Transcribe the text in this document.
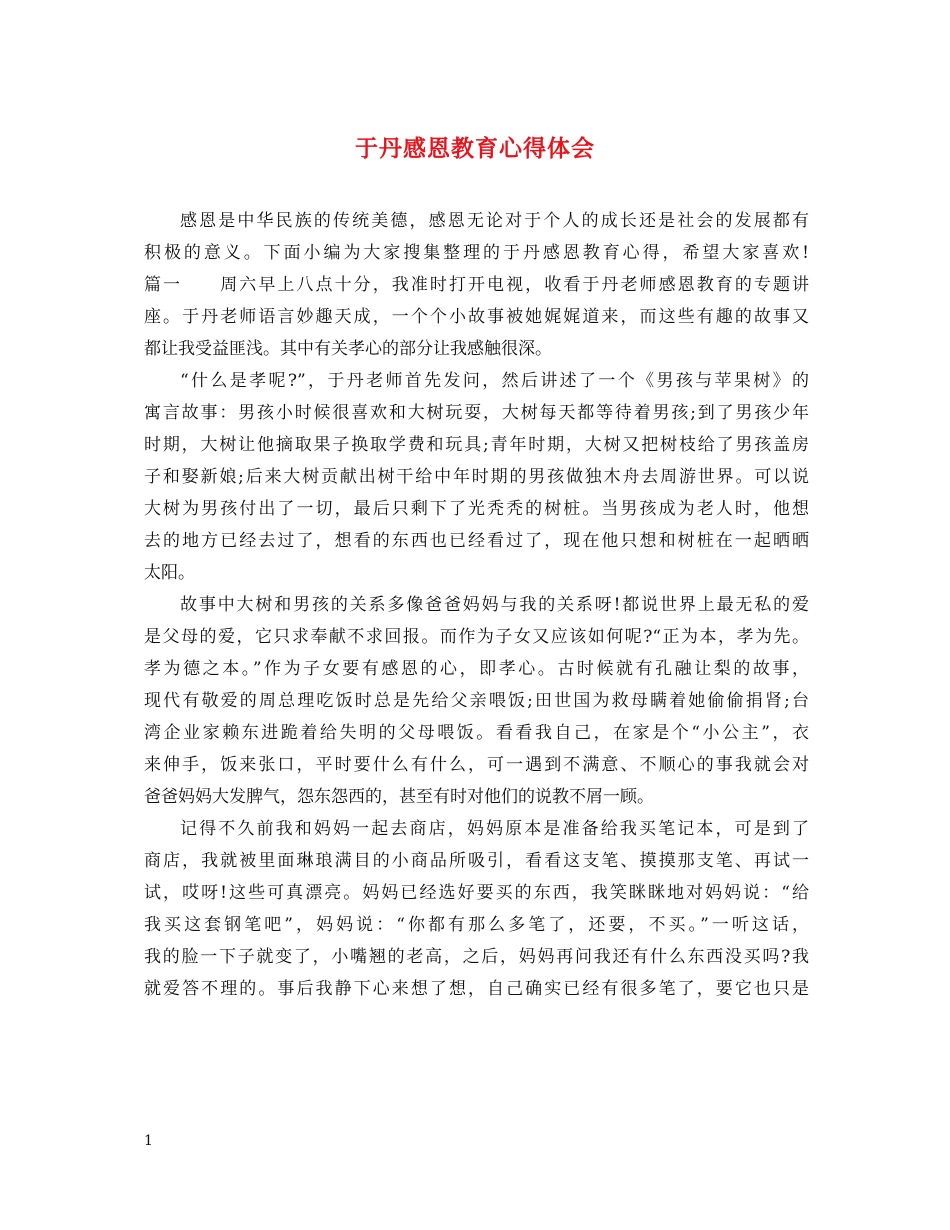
于丹感恩教育心得体会
感恩是中华民族的传统美德，感恩无论对于个人的成长还是社会的发展都有
积极的意义。下面小编为大家搜集整理的于丹感恩教育心得，希望大家喜欢!
篇一　　周六早上八点十分，我准时打开电视，收看于丹老师感恩教育的专题讲
座。于丹老师语言妙趣天成，一个个小故事被她娓娓道来，而这些有趣的故事又
都让我受益匪浅。其中有关孝心的部分让我感触很深。
“什么是孝呢?”，于丹老师首先发问，然后讲述了一个《男孩与苹果树》的
寓言故事：男孩小时候很喜欢和大树玩耍，大树每天都等待着男孩;到了男孩少年
时期，大树让他摘取果子换取学费和玩具;青年时期，大树又把树枝给了男孩盖房
子和娶新娘;后来大树贡献出树干给中年时期的男孩做独木舟去周游世界。可以说
大树为男孩付出了一切，最后只剩下了光秃秃的树桩。当男孩成为老人时，他想
去的地方已经去过了，想看的东西也已经看过了，现在他只想和树桩在一起晒晒
太阳。
故事中大树和男孩的关系多像爸爸妈妈与我的关系呀!都说世界上最无私的爱
是父母的爱，它只求奉献不求回报。而作为子女又应该如何呢?“正为本，孝为先。
孝为德之本。”作为子女要有感恩的心，即孝心。古时候就有孔融让梨的故事，
现代有敬爱的周总理吃饭时总是先给父亲喂饭;田世国为救母瞒着她偷偷捐肾;台
湾企业家赖东进跪着给失明的父母喂饭。看看我自己，在家是个“小公主”，衣
来伸手，饭来张口，平时要什么有什么，可一遇到不满意、不顺心的事我就会对
爸爸妈妈大发脾气，怨东怨西的，甚至有时对他们的说教不屑一顾。
记得不久前我和妈妈一起去商店，妈妈原本是准备给我买笔记本，可是到了
商店，我就被里面琳琅满目的小商品所吸引，看看这支笔、摸摸那支笔、再试一
试，哎呀!这些可真漂亮。妈妈已经选好要买的东西，我笑眯眯地对妈妈说：“给
我买这套钢笔吧”，妈妈说：“你都有那么多笔了，还要，不买。”一听这话，
我的脸一下子就变了，小嘴翘的老高，之后，妈妈再问我还有什么东西没买吗?我
就爱答不理的。事后我静下心来想了想，自己确实已经有很多笔了，要它也只是
1
